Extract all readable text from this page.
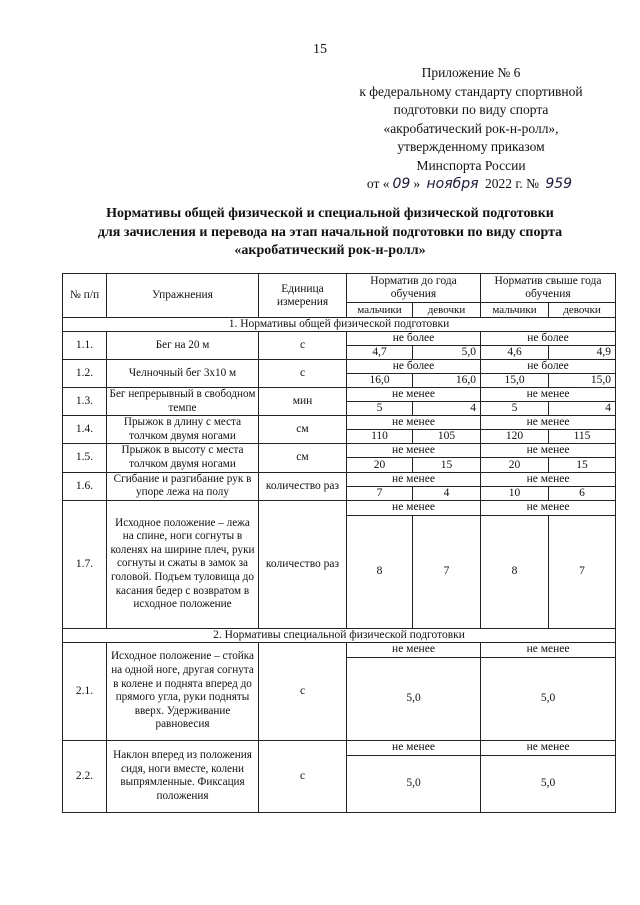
15
Приложение № 6
к федеральному стандарту спортивной
подготовки по виду спорта
«акробатический рок-н-ролл»,
утвержденному приказом
Минспорта России
от « 09 » ноября 2022 г. № 959
Нормативы общей физической и специальной физической подготовки
для зачисления и перевода на этап начальной подготовки по виду спорта
«акробатический рок-н-ролл»
№ п/п	Упражнения	Единица измерения	Норматив до года обучения		Норматив свыше года обучения	
			мальчики	девочки	мальчики	девочки
1. Нормативы общей физической подготовки						
1.1.	Бег на 20 м	с	не более		не более	
			4,7	5,0	4,6	4,9
1.2.	Челночный бег 3х10 м	с	не более		не более	
			16,0	16,0	15,0	15,0
1.3.	Бег непрерывный в свободном темпе	мин	не менее		не менее	
			5	4	5	4
1.4.	Прыжок в длину с места толчком двумя ногами	см	не менее		не менее	
			110	105	120	115
1.5.	Прыжок в высоту с места толчком двумя ногами	см	не менее		не менее	
			20	15	20	15
1.6.	Сгибание и разгибание рук в упоре лежа на полу	количество раз	не менее		не менее	
			7	4	10	6
1.7.	Исходное положение – лежа на спине, ноги согнуты в коленях на ширине плеч, руки согнуты и сжаты в замок за головой. Подъем туловища до касания бедер с возвратом в исходное положение	количество раз	не менее		не менее	
			8	7	8	7
2. Нормативы специальной физической подготовки						
2.1.	Исходное положение – стойка на одной ноге, другая согнута в колене и поднята вперед до прямого угла, руки подняты вверх. Удерживание равновесия	с	не менее		не менее	
			5,0		5,0	
2.2.	Наклон вперед из положения сидя, ноги вместе, колени выпрямленные. Фиксация положения	с	не менее		не менее	
			5,0		5,0	
